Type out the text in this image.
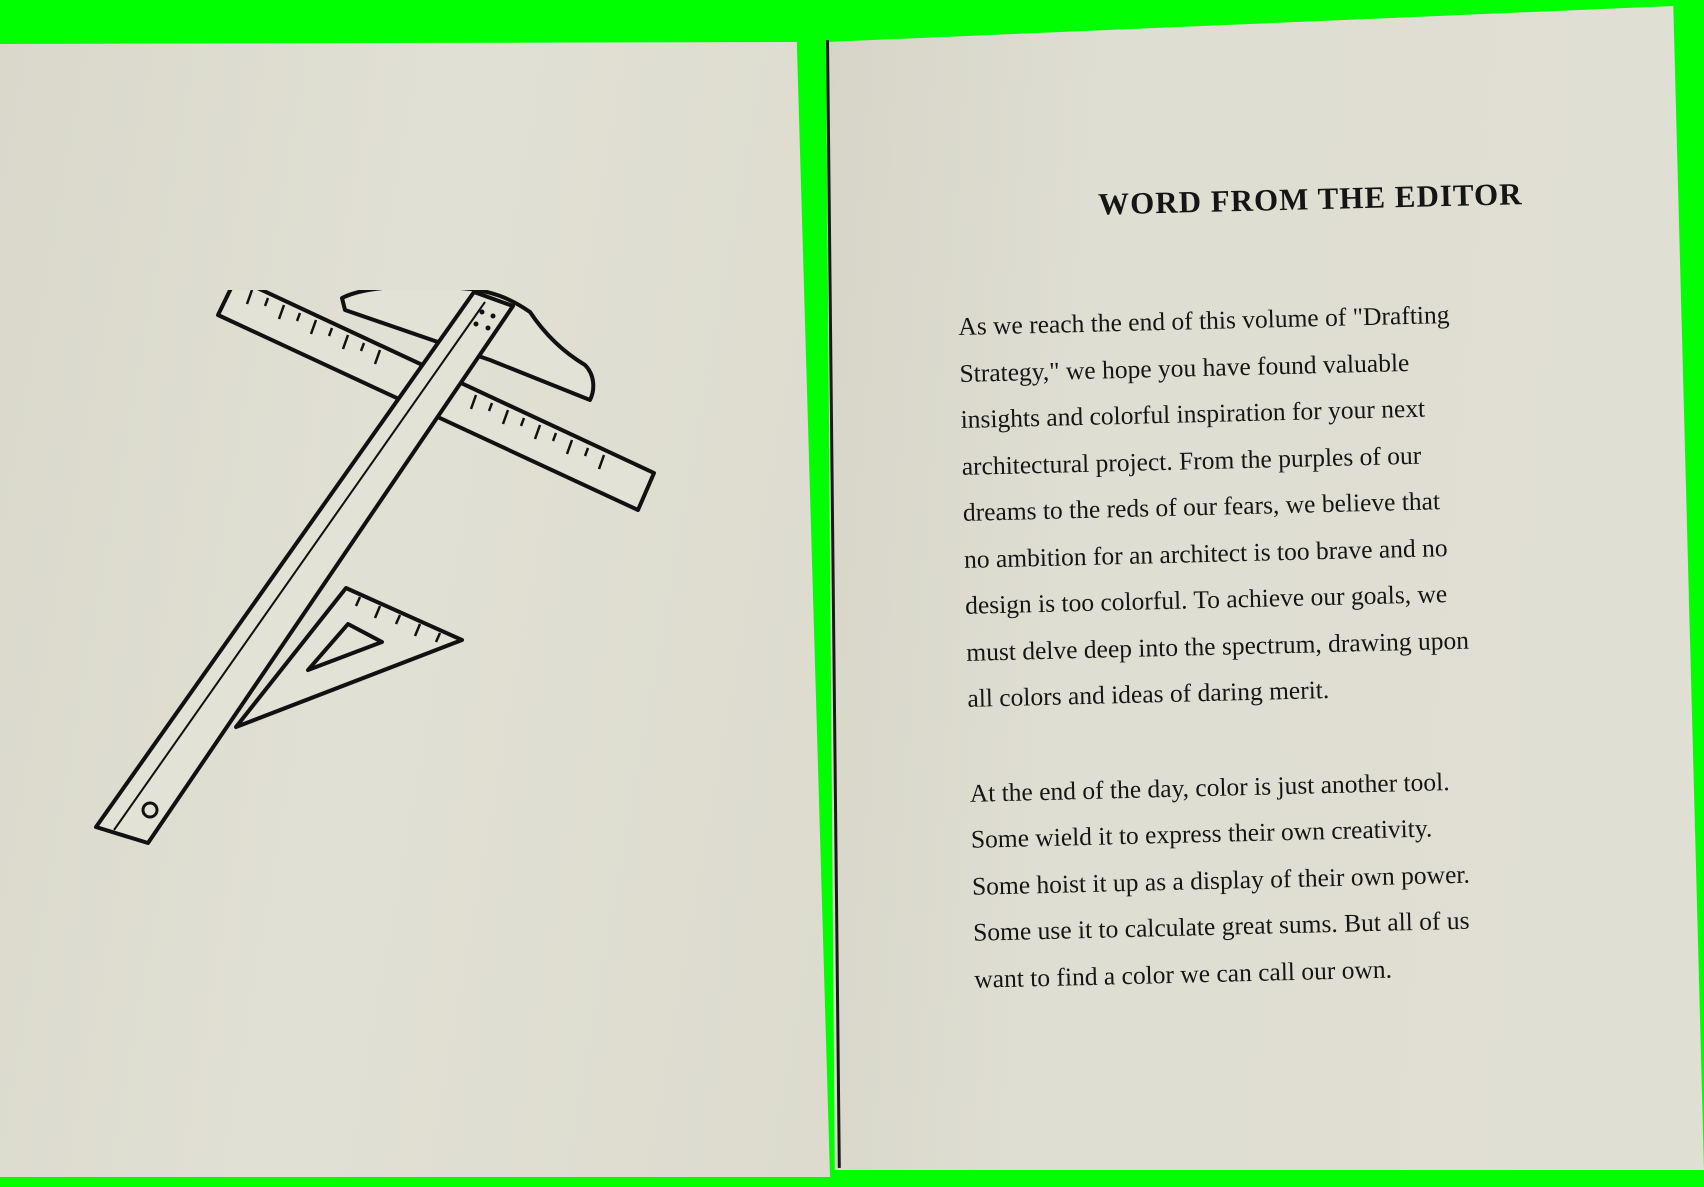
WORD FROM THE EDITOR
As we reach the end of this volume of "Drafting
Strategy," we hope you have found valuable
insights and colorful inspiration for your next
architectural project. From the purples of our
dreams to the reds of our fears, we believe that
no ambition for an architect is too brave and no
design is too colorful. To achieve our goals, we
must delve deep into the spectrum, drawing upon
all colors and ideas of daring merit.
At the end of the day, color is just another tool.
Some wield it to express their own creativity.
Some hoist it up as a display of their own power.
Some use it to calculate great sums. But all of us
want to find a color we can call our own.
